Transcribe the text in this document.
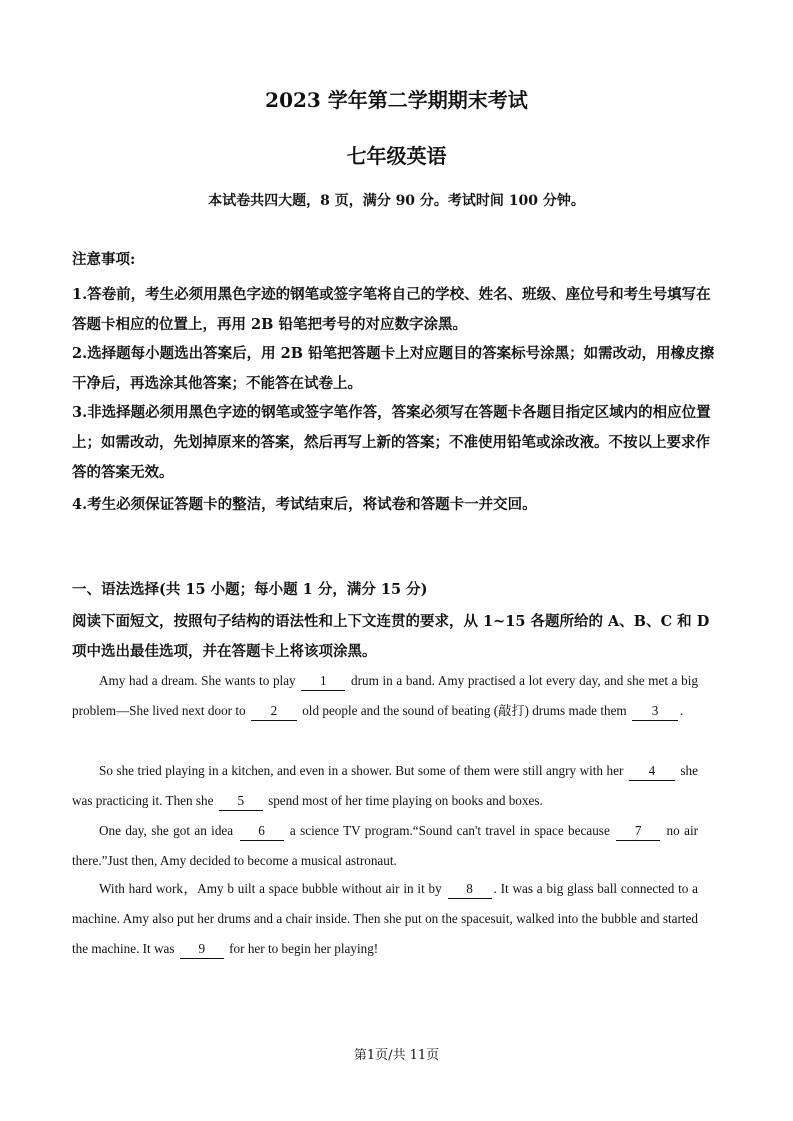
2023 学年第二学期期末考试
七年级英语
本试卷共四大题，8 页，满分 90 分。考试时间 100 分钟。
注意事项:
1.答卷前，考生必须用黑色字迹的钢笔或签字笔将自己的学校、姓名、班级、座位号和考生号填写在答题卡相应的位置上，再用 2B 铅笔把考号的对应数字涂黑。
2.选择题每小题选出答案后，用 2B 铅笔把答题卡上对应题目的答案标号涂黑；如需改动，用橡皮擦干净后，再选涂其他答案；不能答在试卷上。
3.非选择题必须用黑色字迹的钢笔或签字笔作答，答案必须写在答题卡各题目指定区域内的相应位置上；如需改动，先划掉原来的答案，然后再写上新的答案；不准使用铅笔或涂改液。不按以上要求作答的答案无效。
4.考生必须保证答题卡的整洁，考试结束后，将试卷和答题卡一并交回。
一、语法选择(共 15 小题；每小题 1 分，满分 15 分)
阅读下面短文，按照句子结构的语法性和上下文连贯的要求，从 1~15 各题所给的 A、B、C 和 D 项中选出最佳选项，并在答题卡上将该项涂黑。
Amy had a dream. She wants to play 1 drum in a band. Amy practised a lot every day, and she met a big problem—She lived next door to 2 old people and the sound of beating (敲打) drums made them 3 .
So she tried playing in a kitchen, and even in a shower. But some of them were still angry with her 4 she was practicing it. Then she 5 spend most of her time playing on books and boxes.
One day, she got an idea 6 a science TV program.“Sound can't travel in space because 7 no air there.”Just then, Amy decided to become a musical astronaut.
With hard work，Amy b uilt a space bubble without air in it by 8 . It was a big glass ball connected to a machine. Amy also put her drums and a chair inside. Then she put on the spacesuit, walked into the bubble and started the machine. It was 9 for her to begin her playing!
第1页/共 11页
